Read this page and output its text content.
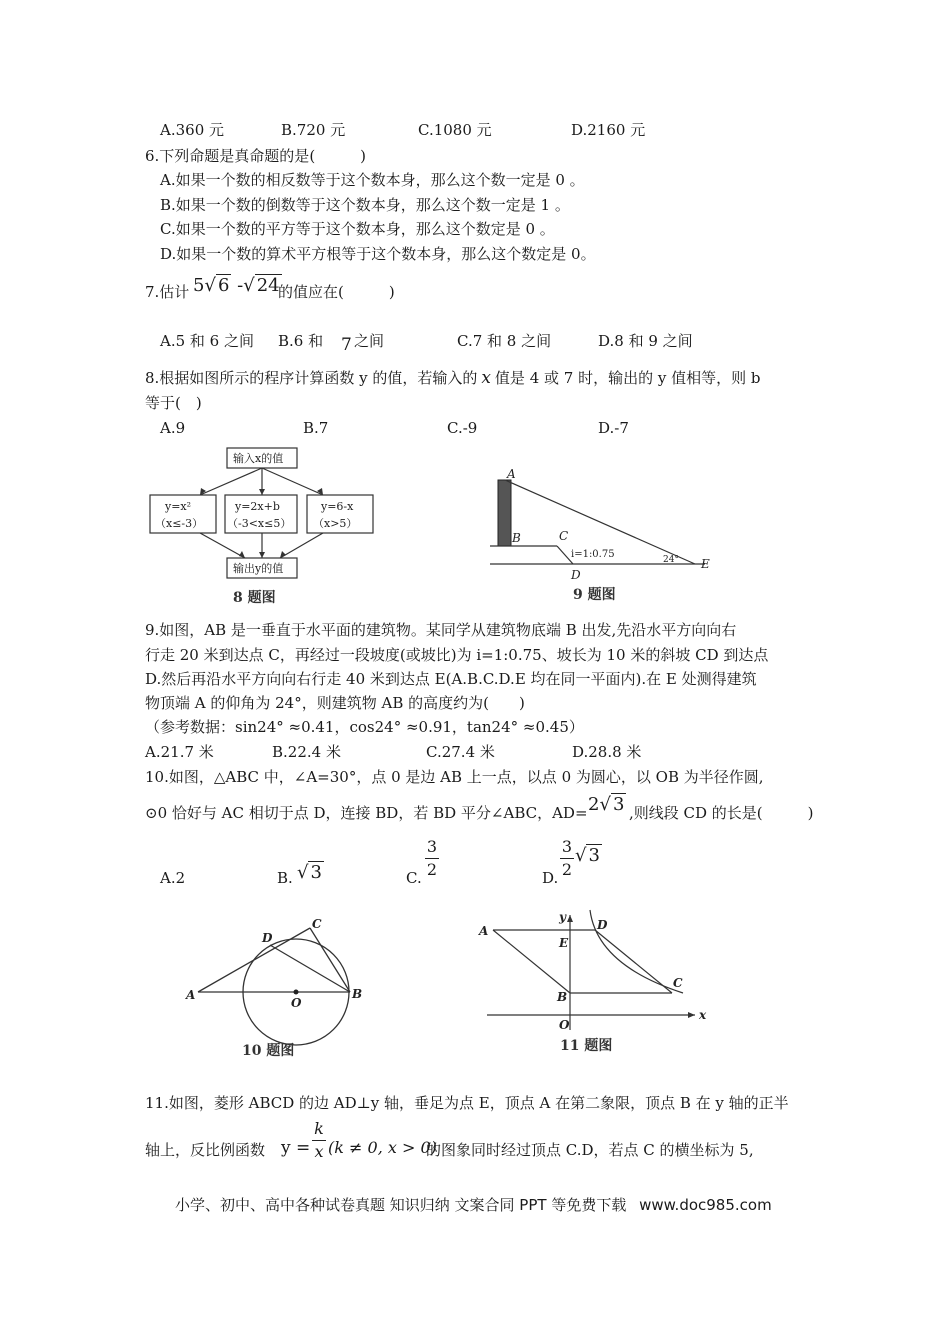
A.360 元	B.720 元	C.1080 元	D.2160 元
6.下列命题是真命题的是(　　　)
A.如果一个数的相反数等于这个数本身，那么这个数一定是 0 。
B.如果一个数的倒数等于这个数本身，那么这个数一定是 1 。
C.如果一个数的平方等于这个数本身，那么这个数定是 0 。
D.如果一个数的算术平方根等于这个数本身，那么这个数定是 0。
7.估计 5√ 6 -√ 24
的值应在(　　　)
A.5 和 6 之间 B.6 和 7 之间	C.7 和 8 之间	D.8 和 9 之间
8.根据如图所示的程序计算函数 y 的值，若输入的 x 值是 4 或 7 时，输出的 y 值相等，则 b
等于(　)
A.9	B.7	C.-9	D.-7
输入x的值
y=x²
（x≤-3）
y=2x+b
（-3<x≤5）
y=6-x
（x>5）
输出y的值
8 题图
A
B	C
D
E
i=1:0.75	24°
9 题图
9.如图，AB 是一垂直于水平面的建筑物。某同学从建筑物底端 B 出发,先沿水平方向向右
行走 20 米到达点 C，再经过一段坡度(或坡比)为 i=1:0.75、坡长为 10 米的斜坡 CD 到达点
D.然后再沿水平方向向右行走 40 米到达点 E(A.B.C.D.E 均在同一平面内).在 E 处测得建筑
物顶端 A 的仰角为 24°，则建筑物 AB 的高度约为(　　)
（参考数据：sin24° ≈0.41，cos24° ≈0.91，tan24° ≈0.45）
A.21.7 米	B.22.4 米	C.27.4 米	D.28.8 米
10.如图，△ABC 中，∠A=30°，点 0 是边 AB 上一点，以点 0 为圆心，以 OB 为半径作圆,
⊙0 恰好与 AC 相切于点 D，连接 BD，若 BD 平分∠ABC，AD= 2√ 3 ,则线段 CD 的长是(　　　)
A.2	B. √ 3	C.
3
2	D.
3
2
√ 3
A	B
C
D
O
10 题图
A
B
C
D
E
O
x
y
11 题图
11.如图，菱形 ABCD 的边 AD⊥y 轴，垂足为点 E，顶点 A 在第二象限，顶点 B 在 y 轴的正半
轴上，反比例函数 y =
k
x (k ≠ 0, x > 0)
的图象同时经过顶点 C.D，若点 C 的横坐标为 5,
小学、初中、高中各种试卷真题 知识归纳 文案合同 PPT 等免费下载 www.doc985.com
